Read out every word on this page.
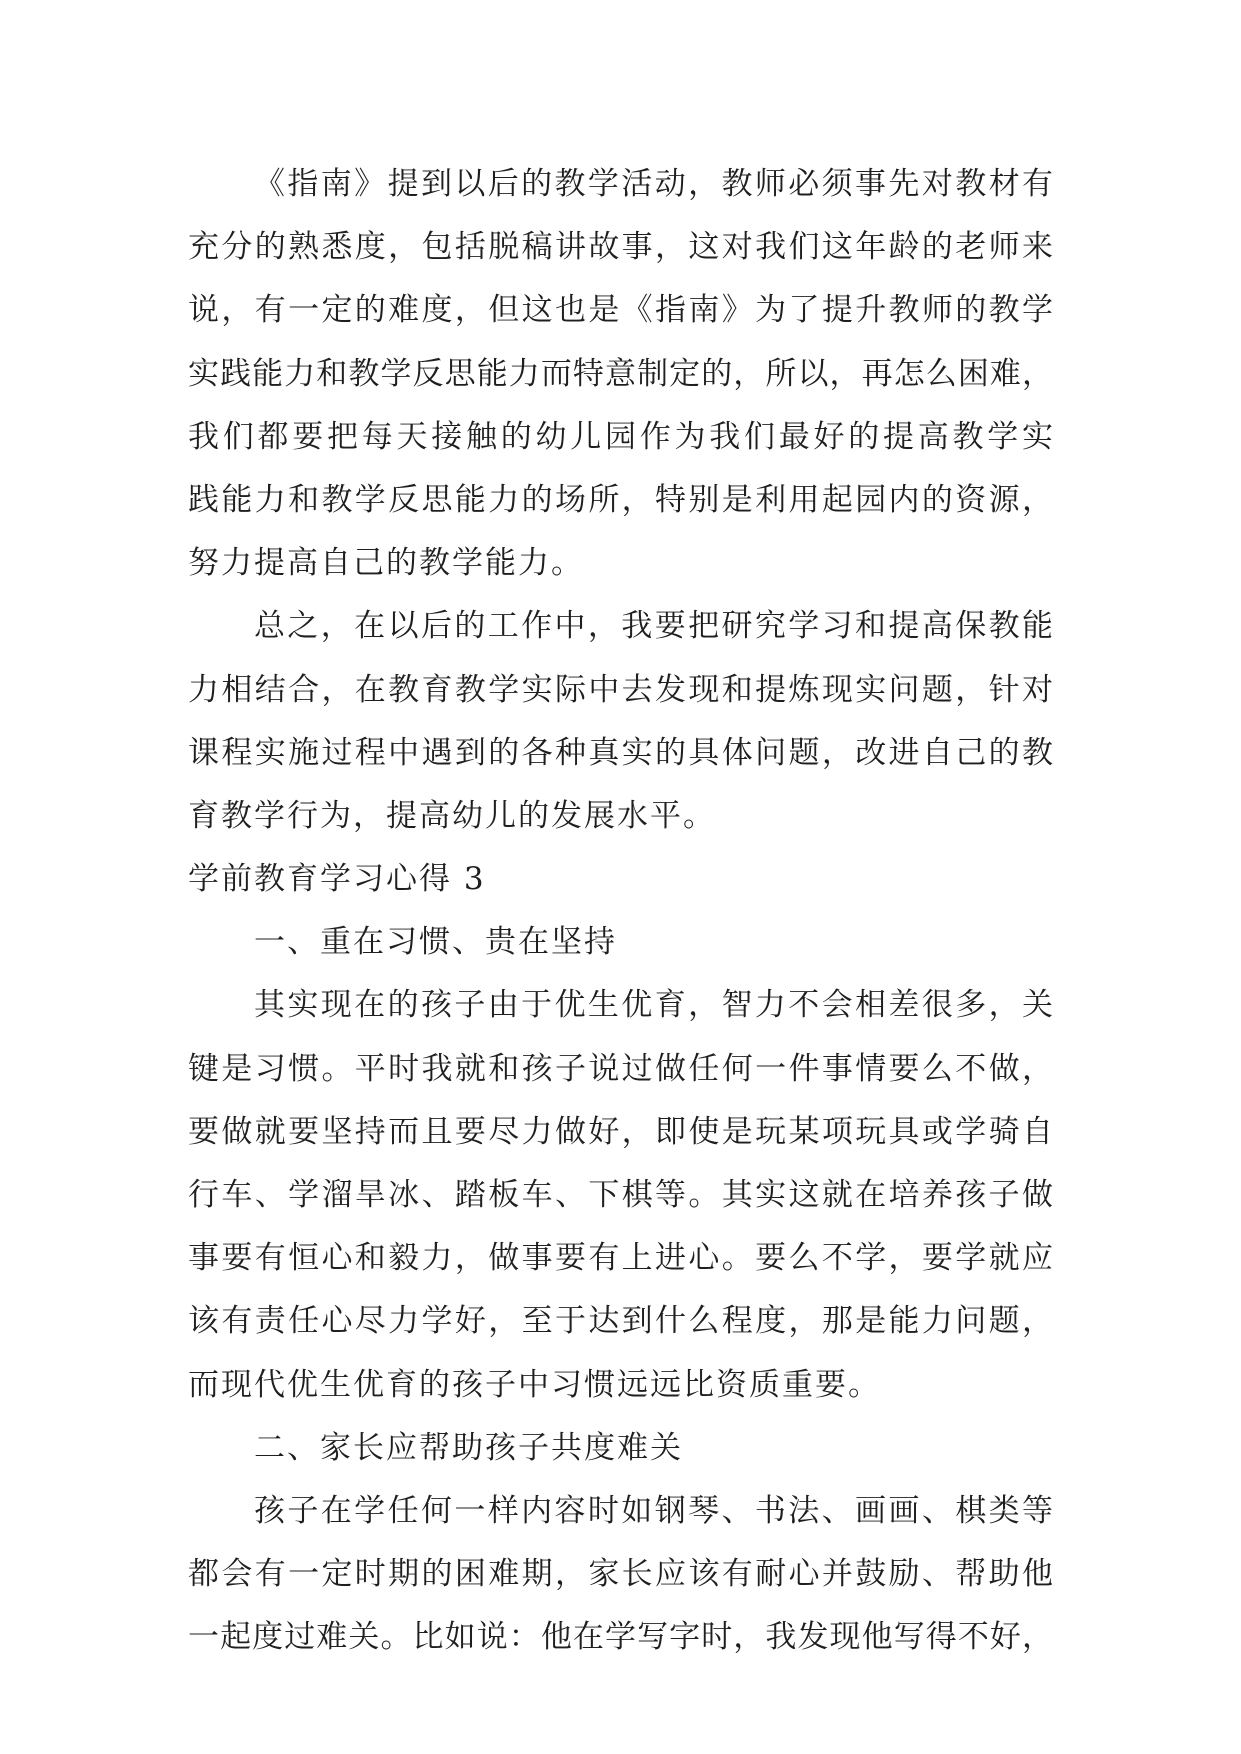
《指南》提到以后的教学活动，教师必须事先对教材有
充分的熟悉度，包括脱稿讲故事，这对我们这年龄的老师来
说，有一定的难度，但这也是《指南》为了提升教师的教学
实践能力和教学反思能力而特意制定的，所以，再怎么困难，
我们都要把每天接触的幼儿园作为我们最好的提高教学实
践能力和教学反思能力的场所，特别是利用起园内的资源，
努力提高自己的教学能力。
总之，在以后的工作中，我要把研究学习和提高保教能
力相结合，在教育教学实际中去发现和提炼现实问题，针对
课程实施过程中遇到的各种真实的具体问题，改进自己的教
育教学行为，提高幼儿的发展水平。
学前教育学习心得 3
一、重在习惯、贵在坚持
其实现在的孩子由于优生优育，智力不会相差很多，关
键是习惯。平时我就和孩子说过做任何一件事情要么不做，
要做就要坚持而且要尽力做好，即使是玩某项玩具或学骑自
行车、学溜旱冰、踏板车、下棋等。其实这就在培养孩子做
事要有恒心和毅力，做事要有上进心。要么不学，要学就应
该有责任心尽力学好，至于达到什么程度，那是能力问题，
而现代优生优育的孩子中习惯远远比资质重要。
二、家长应帮助孩子共度难关
孩子在学任何一样内容时如钢琴、书法、画画、棋类等
都会有一定时期的困难期，家长应该有耐心并鼓励、帮助他
一起度过难关。比如说：他在学写字时，我发现他写得不好，
